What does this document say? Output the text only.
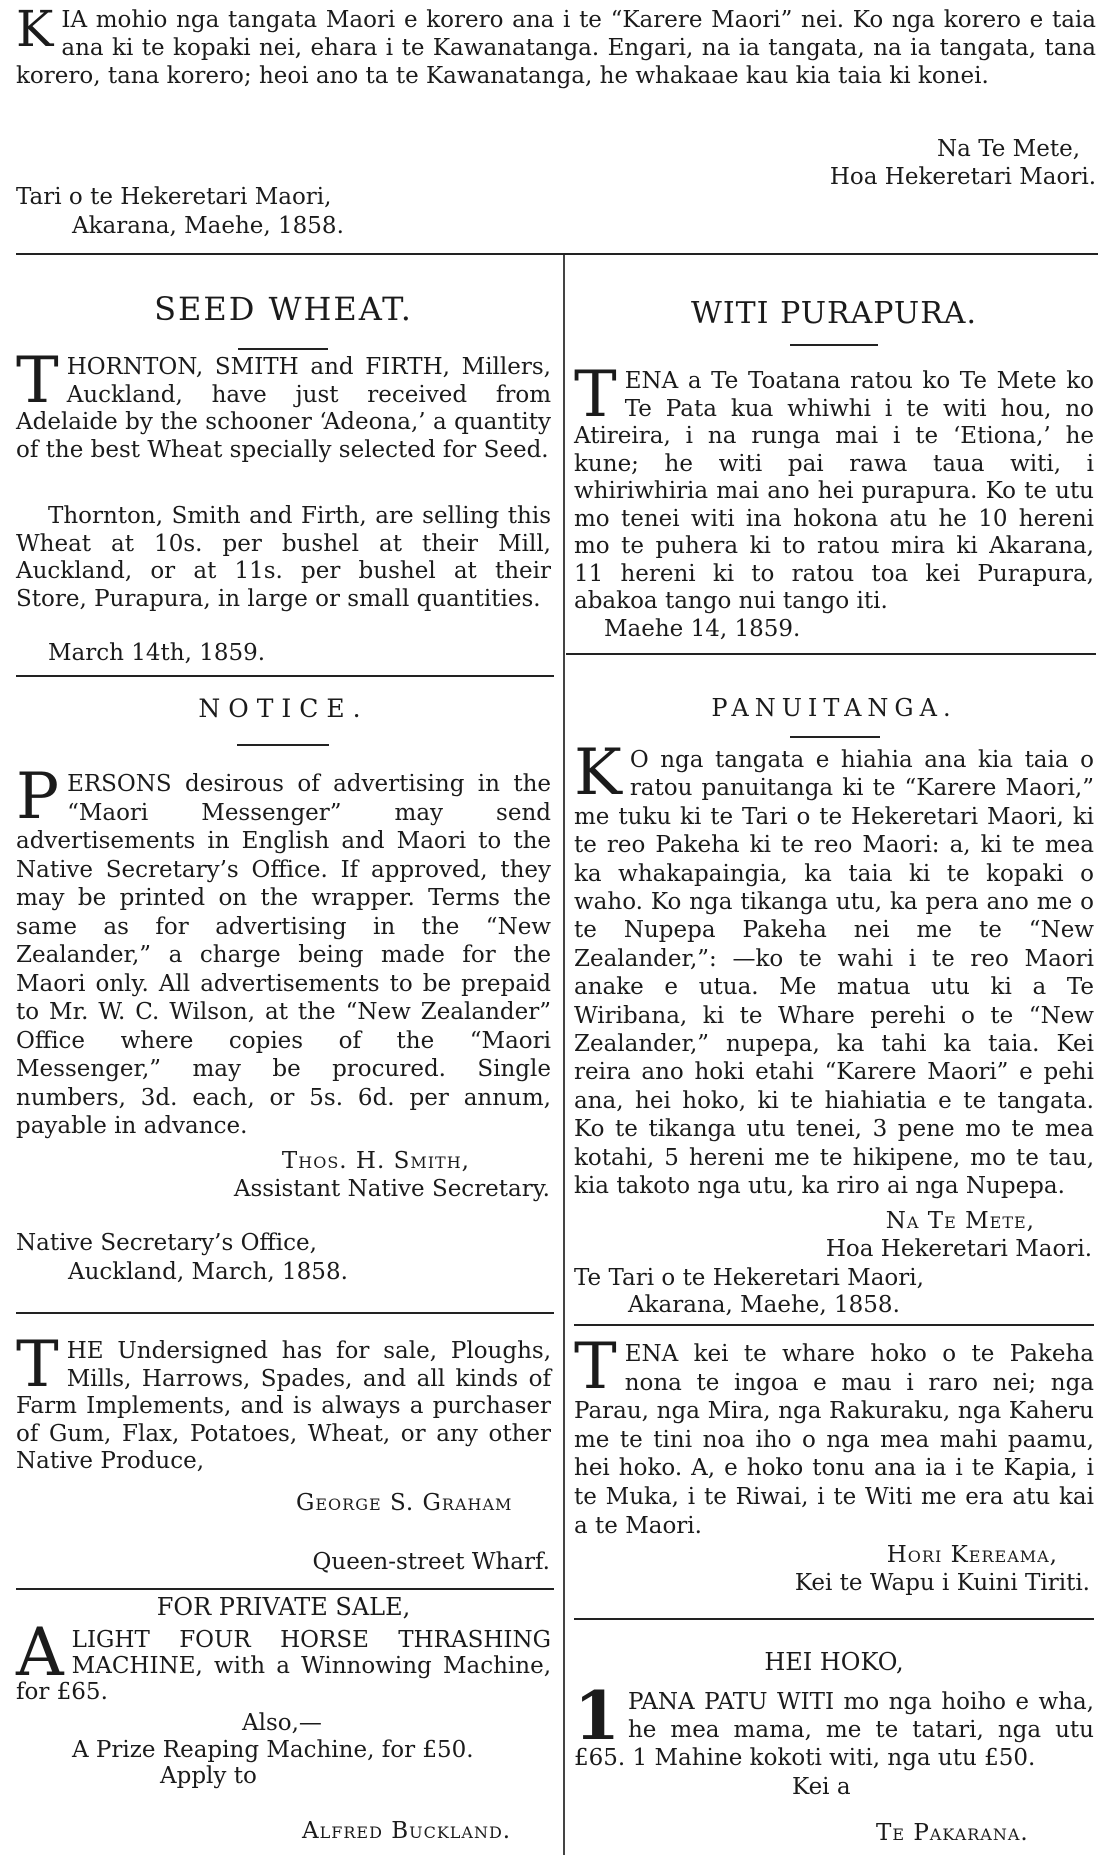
KIA mohio nga tangata Maori e korero ana i te “Karere Maori” nei. Ko nga korero e taia ana ki te kopaki nei, ehara i te Kawanatanga. Engari, na ia tangata, na ia tangata, tana korero, tana korero; heoi ano ta te Kawanatanga, he whakaae kau kia taia ki konei.
Na Te Mete,
Hoa Hekeretari Maori.
Tari o te Hekeretari Maori,
Akarana, Maehe, 1858.
SEED WHEAT.
THORNTON, SMITH and FIRTH, Millers, Auckland, have just received from Adelaide by the schooner ‘Adeona,’ a quantity of the best Wheat specially selected for Seed.
Thornton, Smith and Firth, are selling this Wheat at 10s. per bushel at their Mill, Auckland, or at 11s. per bushel at their Store, Purapura, in large or small quantities.
March 14th, 1859.
NOTICE.
PERSONS desirous of advertising in the “Maori Messenger” may send advertisements in English and Maori to the Native Secretary’s Office. If approved, they may be printed on the wrapper. Terms the same as for advertising in the “New Zealander,” a charge being made for the Maori only. All advertisements to be prepaid to Mr. W. C. Wilson, at the “New Zealander” Office where copies of the “Maori Messenger,” may be procured. Single numbers, 3d. each, or 5s. 6d. per annum, payable in advance.
Thos. H. Smith,
Assistant Native Secretary.
Native Secretary’s Office,
Auckland, March, 1858.
THE Undersigned has for sale, Ploughs, Mills, Harrows, Spades, and all kinds of Farm Implements, and is always a purchaser of Gum, Flax, Potatoes, Wheat, or any other Native Produce,
George S. Graham
Queen-street Wharf.
FOR PRIVATE SALE,
ALIGHT FOUR HORSE THRASHING MACHINE, with a Winnowing Machine, for £65.
Also,—
A Prize Reaping Machine, for £50.
Apply to
Alfred Buckland.
WITI PURAPURA.
TENA a Te Toatana ratou ko Te Mete ko Te Pata kua whiwhi i te witi hou, no Atireira, i na runga mai i te ‘Etiona,’ he kune; he witi pai rawa taua witi, i whiriwhiria mai ano hei purapura. Ko te utu mo tenei witi ina hokona atu he 10 hereni mo te puhera ki to ratou mira ki Akarana, 11 hereni ki to ratou toa kei Purapura, abakoa tango nui tango iti.
Maehe 14, 1859.
PANUITANGA.
K O nga tangata e hiahia ana kia taia o ratou panuitanga ki te “Karere Maori,” me tuku ki te Tari o te Hekeretari Maori, ki te reo Pakeha ki te reo Maori: a, ki te mea ka whakapaingia, ka taia ki te kopaki o waho. Ko nga tikanga utu, ka pera ano me o te Nupepa Pakeha nei me te “New Zealander,”: —ko te wahi i te reo Maori anake e utua. Me matua utu ki a Te Wiribana, ki te Whare perehi o te “New Zealander,” nupepa, ka tahi ka taia. Kei reira ano hoki etahi “Karere Maori” e pehi ana, hei hoko, ki te hiahiatia e te tangata. Ko te tikanga utu tenei, 3 pene mo te mea kotahi, 5 hereni me te hikipene, mo te tau, kia takoto nga utu, ka riro ai nga Nupepa.
Na Te Mete,
Hoa Hekeretari Maori.
Te Tari o te Hekeretari Maori,
Akarana, Maehe, 1858.
TENA kei te whare hoko o te Pakeha nona te ingoa e mau i raro nei; nga Parau, nga Mira, nga Rakuraku, nga Kaheru me te tini noa iho o nga mea mahi paamu, hei hoko. A, e hoko tonu ana ia i te Kapia, i te Muka, i te Riwai, i te Witi me era atu kai a te Maori.
Hori Kereama,
Kei te Wapu i Kuini Tiriti.
HEI HOKO,
1 PANA PATU WITI mo nga hoiho e wha, he mea mama, me te tatari, nga utu £65. 1 Mahine kokoti witi, nga utu £50.
Kei a
Te Pakarana.
